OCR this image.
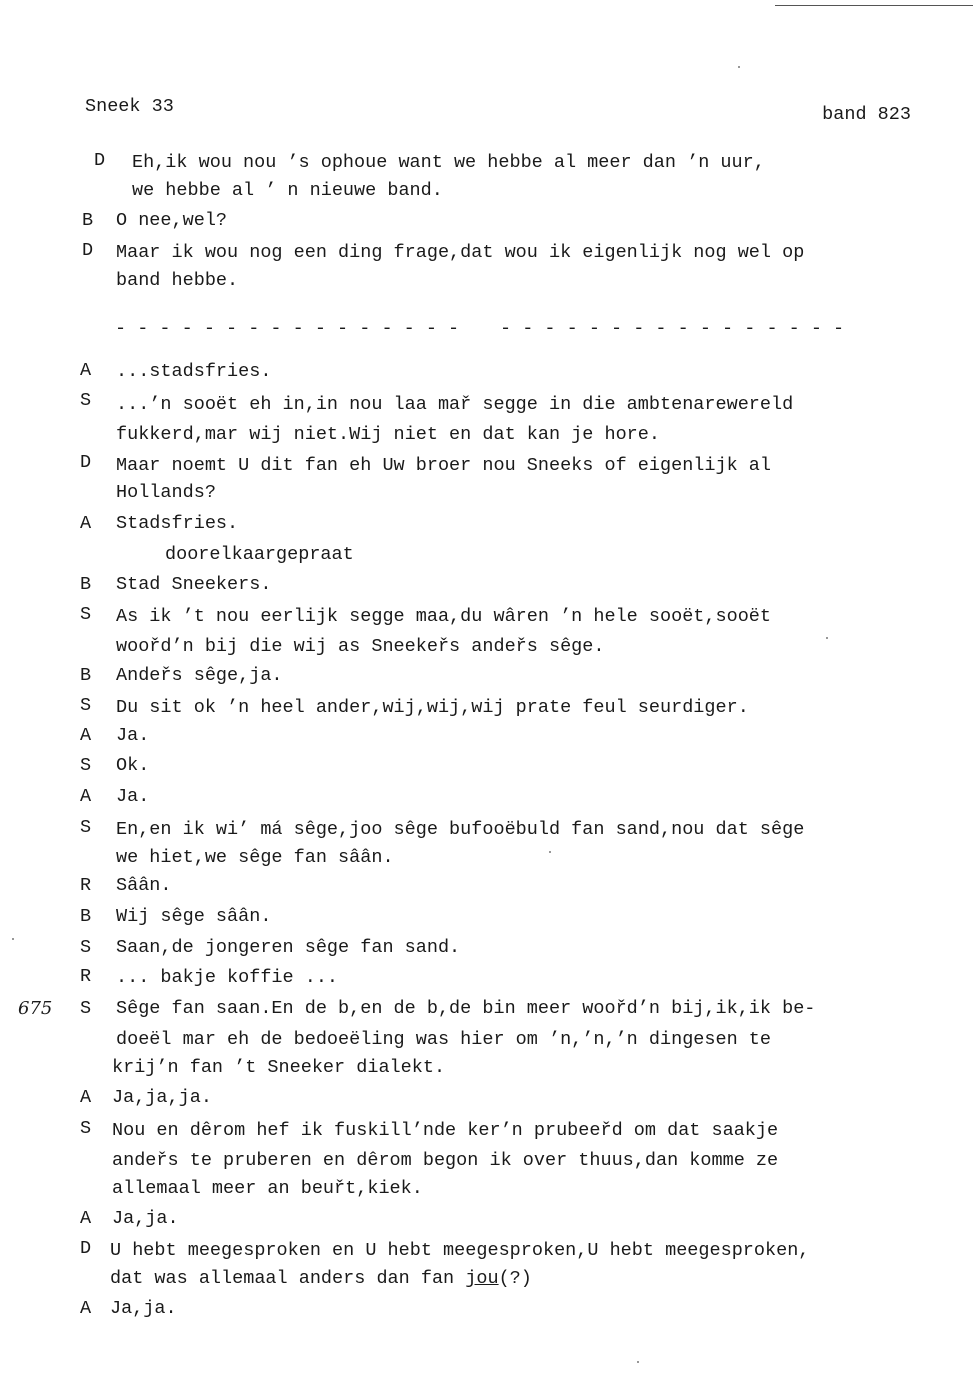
Sneek 33	band 823
675
D Eh,ik wou nou ’s ophoue want we hebbe al meer dan ’n uur,
we hebbe al ’ n nieuwe band.
B O nee,wel?
D Maar ik wou nog een ding frage,dat wou ik eigenlijk nog wel op
band hebbe.
- - - - - - - - - - - - - - - - - - - - - - - - - - - - - - - -
A ...stadsfries.
S ...’n sooët eh in,in nou laa mař segge in die ambtenarewereld
fukkerd,mar wij niet.Wij niet en dat kan je hore.
D Maar noemt U dit fan eh Uw broer nou Sneeks of eigenlijk al
Hollands?
A Stadsfries.
doorelkaargepraat
B Stad Sneekers.
S As ik ’t nou eerlijk segge maa,du wâren ’n hele sooët,sooët
woořd’n bij die wij as Sneekeřs andeřs sêge.
B Andeřs sêge,ja.
S Du sit ok ’n heel ander,wij,wij,wij prate feul seurdiger.
A Ja.
S Ok.
A Ja.
S En,en ik wi’ má sêge,joo sêge bufooëbuld fan sand,nou dat sêge
we hiet,we sêge fan sâân.
R Sâân.
B Wij sêge sâân.
S Saan,de jongeren sêge fan sand.
R ... bakje koffie ...
S Sêge fan saan.En de b,en de b,de bin meer woořd’n bij,ik,ik be-
doeël mar eh de bedoeëling was hier om ’n,’n,’n dingesen te
krij’n fan ’t Sneeker dialekt.
A Ja,ja,ja.
S Nou en dêrom hef ik fuskill’nde ker’n prubeeřd om dat saakje
andeřs te pruberen en dêrom begon ik over thuus,dan komme ze
allemaal meer an beuřt,kiek.
A Ja,ja.
D U hebt meegesproken en U hebt meegesproken,U hebt meegesproken,
dat was allemaal anders dan fan jou(?)
A Ja,ja.
